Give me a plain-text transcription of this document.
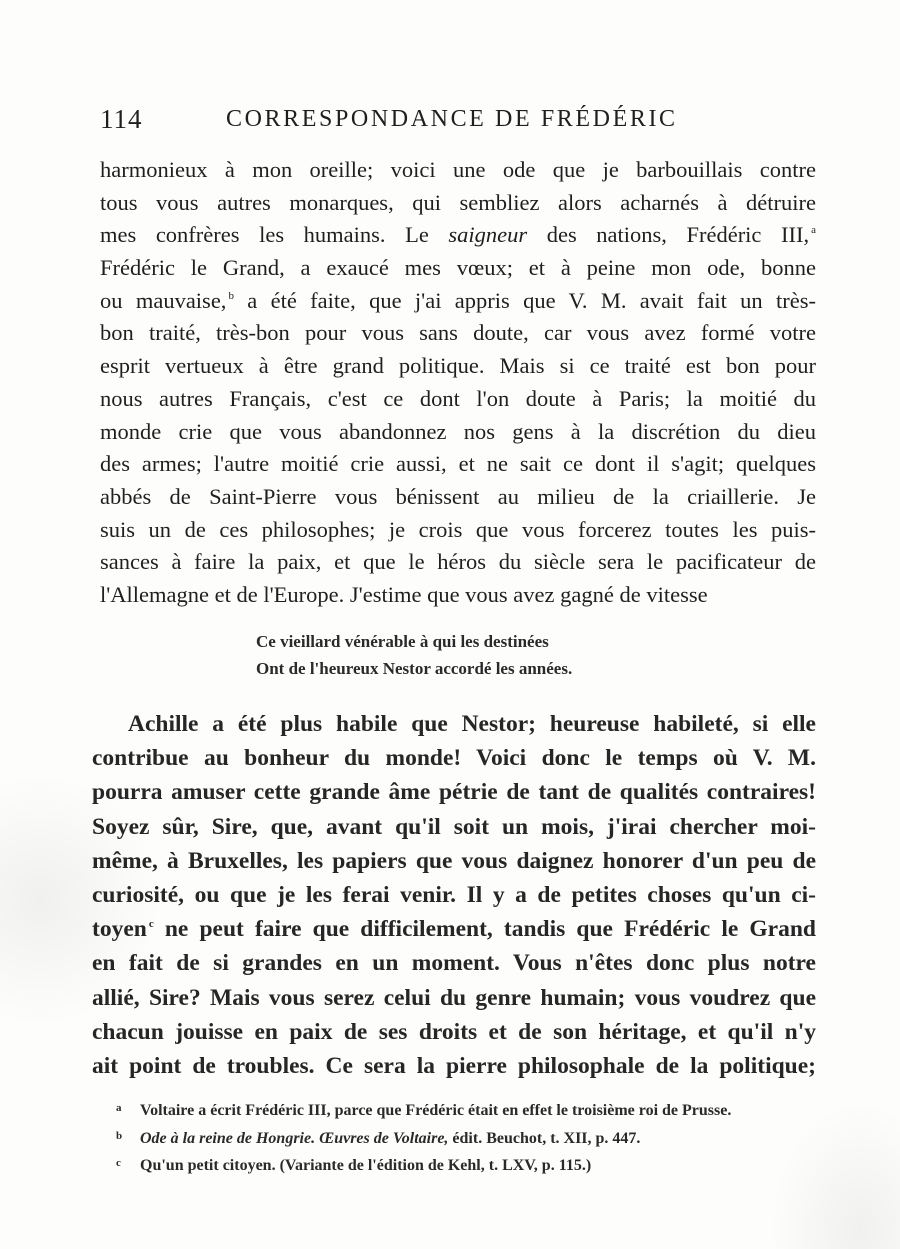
114	CORRESPONDANCE DE FRÉDÉRIC
harmonieux à mon oreille; voici une ode que je barbouillais contre
tous vous autres monarques, qui sembliez alors acharnés à détruire
mes confrères les humains. Le saigneur des nations, Frédéric III, $^a$
Frédéric le Grand, a exaucé mes vœux; et à peine mon ode, bonne
ou mauvaise, $^b$ a été faite, que j'ai appris que V. M. avait fait un très-
bon traité, très-bon pour vous sans doute, car vous avez formé votre
esprit vertueux à être grand politique. Mais si ce traité est bon pour
nous autres Français, c'est ce dont l'on doute à Paris; la moitié du
monde crie que vous abandonnez nos gens à la discrétion du dieu
des armes; l'autre moitié crie aussi, et ne sait ce dont il s'agit; quelques
abbés de Saint-Pierre vous bénissent au milieu de la criaillerie. Je
suis un de ces philosophes; je crois que vous forcerez toutes les puis-
sances à faire la paix, et que le héros du siècle sera le pacificateur de
l'Allemagne et de l'Europe. J'estime que vous avez gagné de vitesse
Ce vieillard vénérable à qui les destinées
Ont de l'heureux Nestor accordé les années.
Achille a été plus habile que Nestor; heureuse habileté, si elle
contribue au bonheur du monde! Voici donc le temps où V. M.
pourra amuser cette grande âme pétrie de tant de qualités contraires!
Soyez sûr, Sire, que, avant qu'il soit un mois, j'irai chercher moi-
même, à Bruxelles, les papiers que vous daignez honorer d'un peu de
curiosité, ou que je les ferai venir. Il y a de petites choses qu'un ci-
toyen $^c$ ne peut faire que difficilement, tandis que Frédéric le Grand
en fait de si grandes en un moment. Vous n'êtes donc plus notre
allié, Sire? Mais vous serez celui du genre humain; vous voudrez que
chacun jouisse en paix de ses droits et de son héritage, et qu'il n'y
ait point de troubles. Ce sera la pierre philosophale de la politique;
a Voltaire a écrit Frédéric III, parce que Frédéric était en effet le troisième roi de Prusse.
b Ode à la reine de Hongrie. Œuvres de Voltaire, édit. Beuchot, t. XII, p. 447.
c Qu'un petit citoyen. (Variante de l'édition de Kehl, t. LXV, p. 115.)
